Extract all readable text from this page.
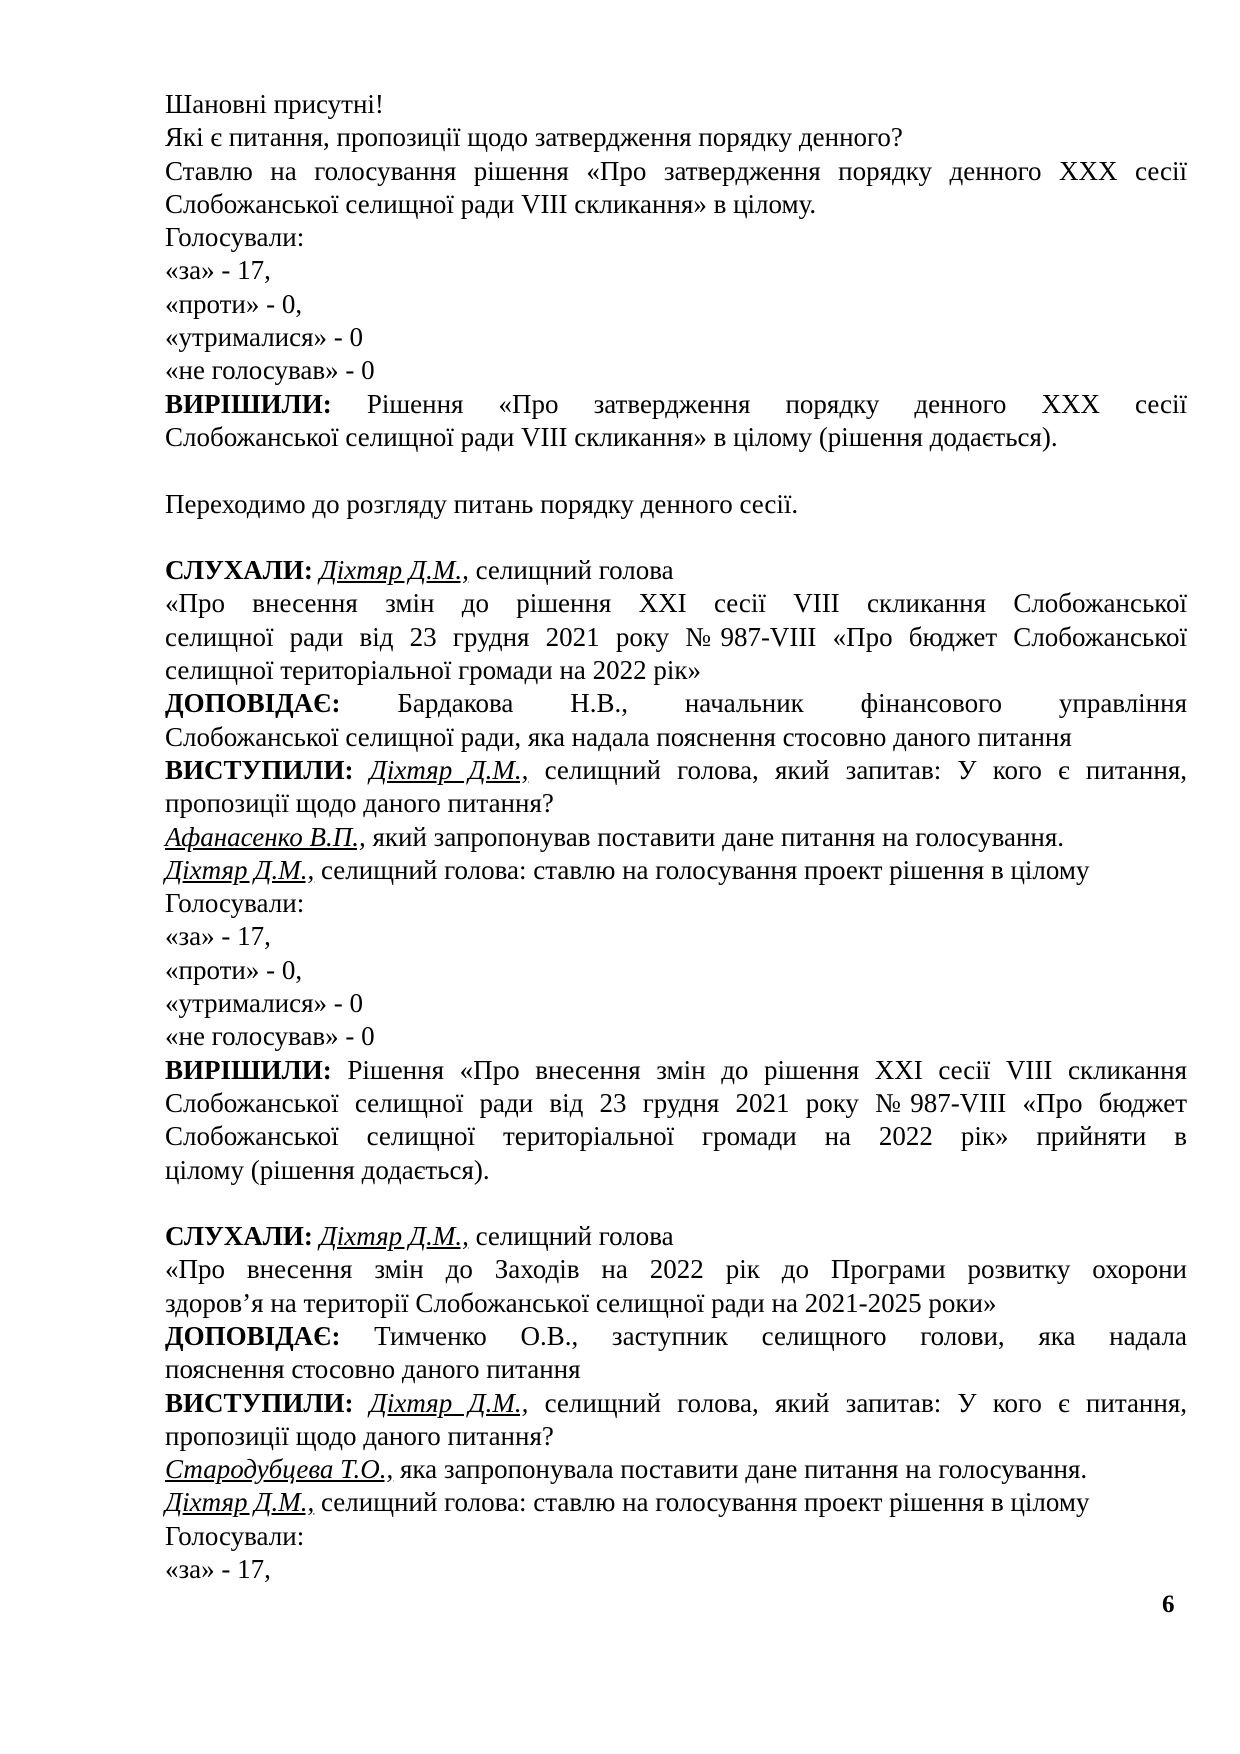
Шановні присутні!
Які є питання, пропозиції щодо затвердження порядку денного?
Ставлю на голосування рішення «Про затвердження порядку денного XXX сесії
Слобожанської селищної ради VIII скликання» в цілому.
Голосували:
«за» - 17,
«проти» - 0,
«утрималися» - 0
«не голосував» - 0
ВИРІШИЛИ: Рішення «Про затвердження порядку денного XXX сесії
Слобожанської селищної ради VIII скликання» в цілому (рішення додається).
Переходимо до розгляду питань порядку денного сесії.
СЛУХАЛИ: Діхтяр Д.М., селищний голова
«Про внесення змін до рішення XXI сесії VIII скликання Слобожанської
селищної ради від 23 грудня 2021 року №987-VIII «Про бюджет Слобожанської
селищної територіальної громади на 2022 рік»
ДОПОВІДАЄ: Бардакова Н.В., начальник фінансового управління
Слобожанської селищної ради, яка надала пояснення стосовно даного питання
ВИСТУПИЛИ: Діхтяр Д.М., селищний голова, який запитав: У кого є питання,
пропозиції щодо даного питання?
Афанасенко В.П., який запропонував поставити дане питання на голосування.
Діхтяр Д.М., селищний голова: ставлю на голосування проект рішення в цілому
Голосували:
«за» - 17,
«проти» - 0,
«утрималися» - 0
«не голосував» - 0
ВИРІШИЛИ: Рішення «Про внесення змін до рішення XXI сесії VIII скликання
Слобожанської селищної ради від 23 грудня 2021 року №987-VIII «Про бюджет
Слобожанської селищної територіальної громади на 2022 рік» прийняти в
цілому (рішення додається).
СЛУХАЛИ: Діхтяр Д.М., селищний голова
«Про внесення змін до Заходів на 2022 рік до Програми розвитку охорони
здоров’я на території Слобожанської селищної ради на 2021-2025 роки»
ДОПОВІДАЄ: Тимченко О.В., заступник селищного голови, яка надала
пояснення стосовно даного питання
ВИСТУПИЛИ: Діхтяр Д.М., селищний голова, який запитав: У кого є питання,
пропозиції щодо даного питання?
Стародубцева Т.О., яка запропонувала поставити дане питання на голосування.
Діхтяр Д.М., селищний голова: ставлю на голосування проект рішення в цілому
Голосували:
«за» - 17,
6
